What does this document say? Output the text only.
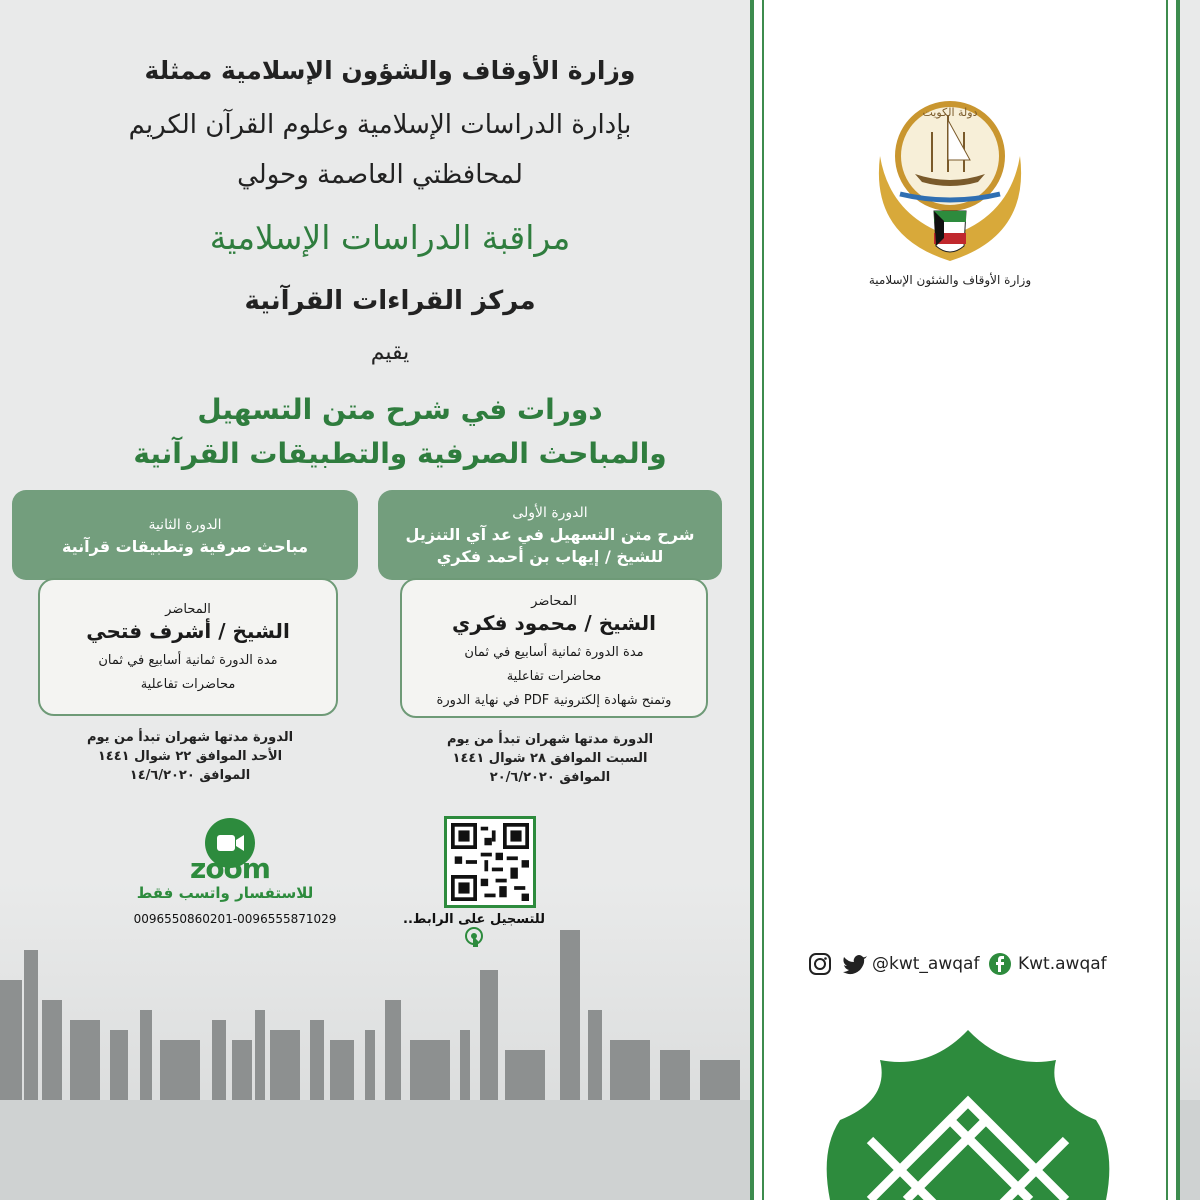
دولة الكويت
وزارة الأوقاف والشئون الإسلامية
وزارة الأوقاف والشؤون الإسلامية ممثلة
بإدارة الدراسات الإسلامية وعلوم القرآن الكريم
لمحافظتي العاصمة وحولي
مراقبة الدراسات الإسلامية
مركز القراءات القرآنية
يقيم
دورات في شرح متن التسهيل
والمباحث الصرفية والتطبيقات القرآنية
الدورة الأولى
شرح متن التسهيل في عد آي التنزيل
للشيخ / إيهاب بن أحمد فكري
المحاضر
الشيخ / محمود فكري
مدة الدورة ثمانية أسابيع في ثمان
محاضرات تفاعلية
وتمنح شهادة إلكترونية PDF في نهاية الدورة
الدورة مدتها شهران تبدأ من يوم
السبت الموافق ٢٨ شوال ١٤٤١
الموافق ٢٠/٦/٢٠٢٠
الدورة الثانية
مباحث صرفية وتطبيقات قرآنية
المحاضر
الشيخ / أشرف فتحي
مدة الدورة ثمانية أسابيع في ثمان
محاضرات تفاعلية
الدورة مدتها شهران تبدأ من يوم
الأحد الموافق ٢٢ شوال ١٤٤١
الموافق ١٤/٦/٢٠٢٠
zoom
للاستفسار واتسب فقط
0096550860201-0096555871029	للتسجيل على الرابط..
@kwt_awqaf Kwt.awqaf
